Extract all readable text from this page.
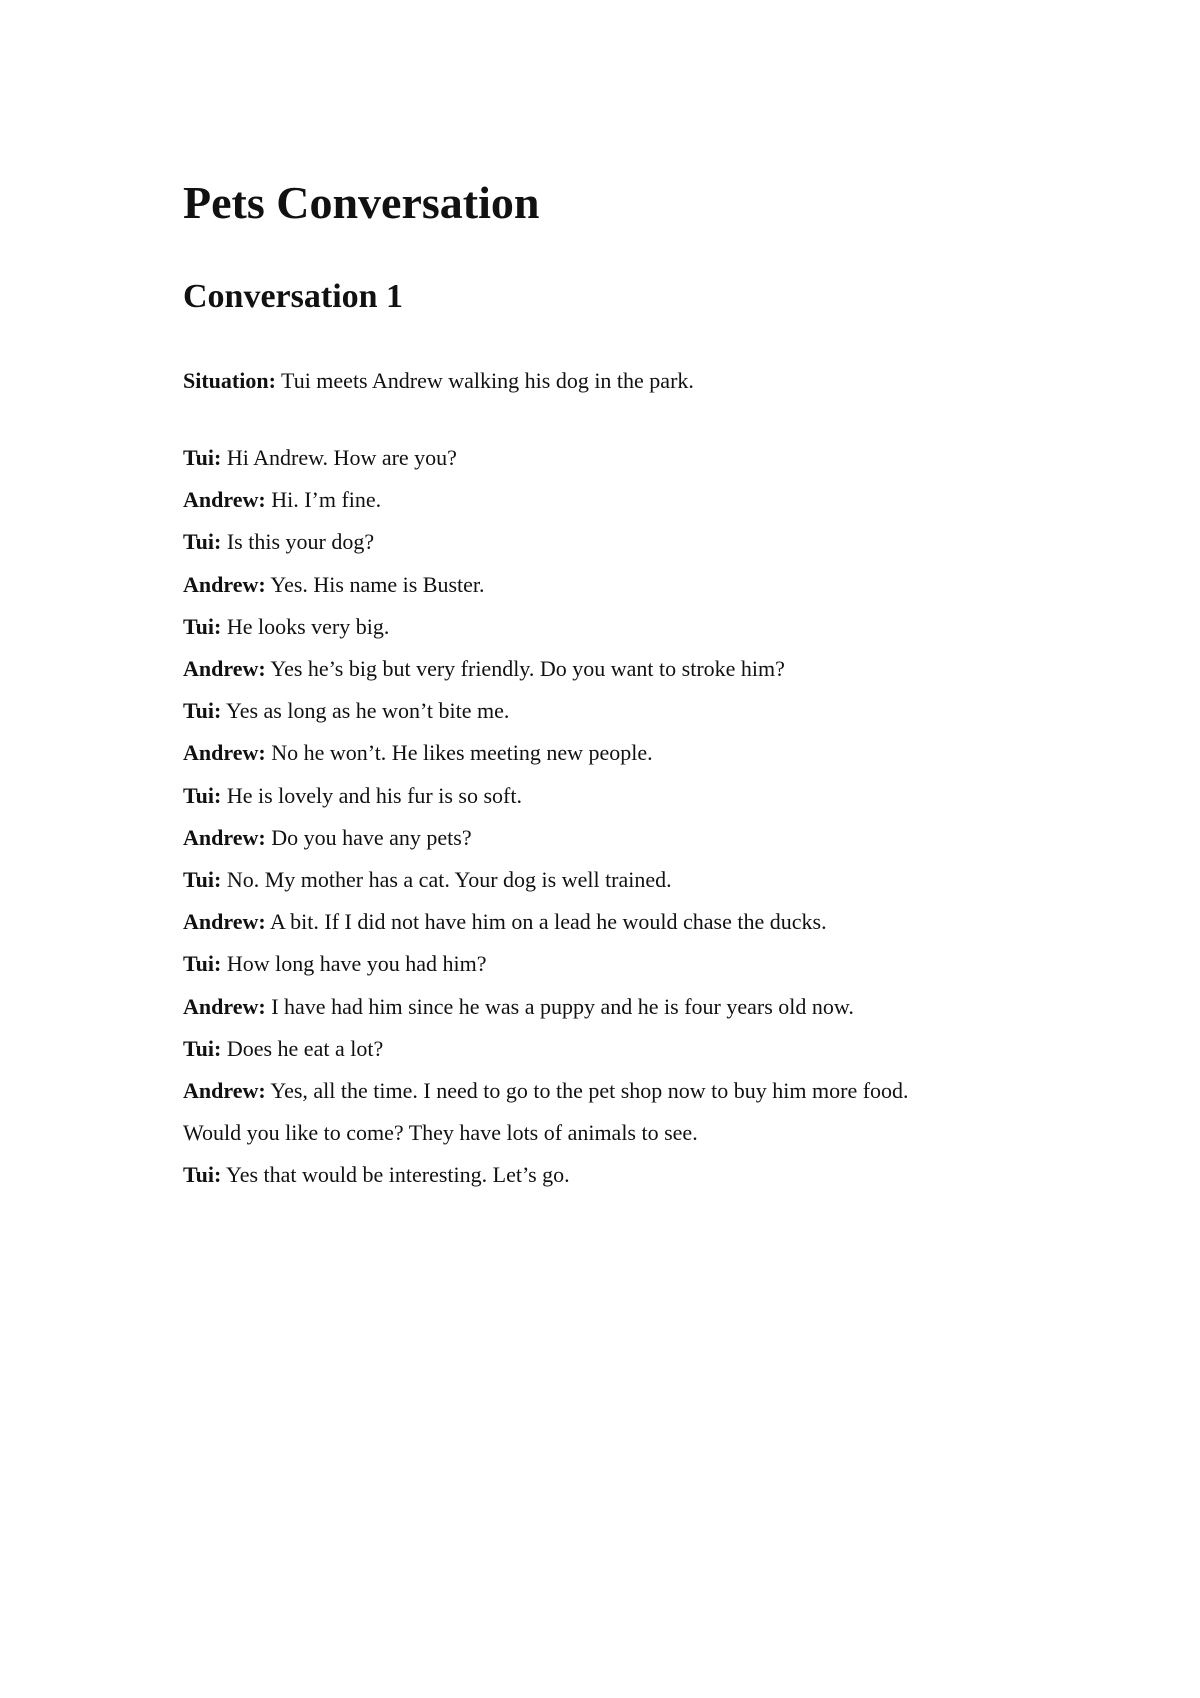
Pets Conversation
Conversation 1

Situation: Tui meets Andrew walking his dog in the park.

Tui: Hi Andrew. How are you?
Andrew: Hi. I’m fine.
Tui: Is this your dog?
Andrew: Yes. His name is Buster.
Tui: He looks very big.
Andrew: Yes he’s big but very friendly. Do you want to stroke him?
Tui: Yes as long as he won’t bite me.
Andrew: No he won’t. He likes meeting new people.
Tui: He is lovely and his fur is so soft.
Andrew: Do you have any pets?
Tui: No. My mother has a cat. Your dog is well trained.
Andrew: A bit. If I did not have him on a lead he would chase the ducks.
Tui: How long have you had him?
Andrew: I have had him since he was a puppy and he is four years old now.
Tui: Does he eat a lot?
Andrew: Yes, all the time. I need to go to the pet shop now to buy him more food.
Would you like to come? They have lots of animals to see.
Tui: Yes that would be interesting. Let’s go.
